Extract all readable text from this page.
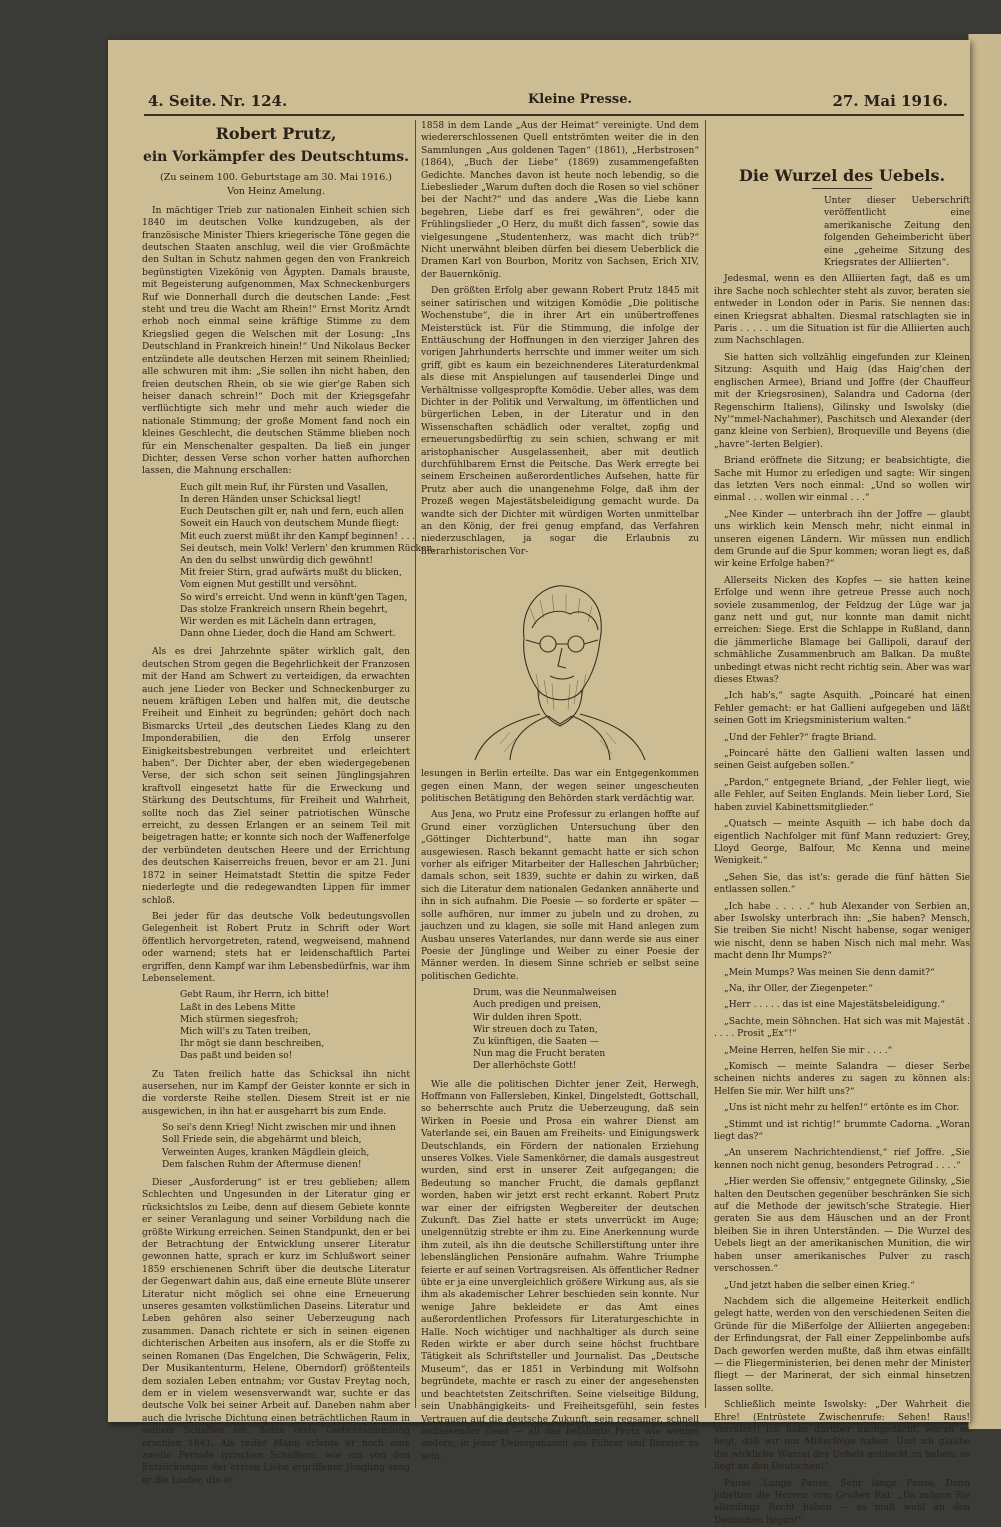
4. Seite. Nr. 124.	Kleine Presse.	27. Mai 1916.
Robert Prutz,
ein Vorkämpfer des Deutschtums.
(Zu seinem 100. Geburtstage am 30. Mai 1916.)
Von Heinz Amelung.

In mächtiger Trieb zur nationalen Einheit schien sich 1840 im deutschen Volke kundzugeben, als der französische Minister Thiers kriegerische Töne gegen die deutschen Staaten anschlug, weil die vier Großmächte den Sultan in Schutz nahmen gegen den von Frankreich begünstigten Vizekönig von Ägypten. Damals brauste, mit Begeisterung aufgenommen, Max Schneckenburgers Ruf wie Donnerhall durch die deutschen Lande: „Fest steht und treu die Wacht am Rhein!“ Ernst Moritz Arndt erhob noch einmal seine kräftige Stimme zu dem Kriegslied gegen die Welschen mit der Losung: „Ins Deutschland in Frankreich hinein!“ Und Nikolaus Becker entzündete alle deutschen Herzen mit seinem Rheinlied; alle schwuren mit ihm: „Sie sollen ihn nicht haben, den freien deutschen Rhein, ob sie wie gier'ge Raben sich heiser danach schrein!“ Doch mit der Kriegsgefahr verflüchtigte sich mehr und mehr auch wieder die nationale Stimmung; der große Moment fand noch ein kleines Geschlecht, die deutschen Stämme blieben noch für ein Menschenalter gespalten. Da ließ ein junger Dichter, dessen Verse schon vorher hatten aufhorchen lassen, die Mahnung erschallen:

Euch gilt mein Ruf, ihr Fürsten und Vasallen,
In deren Händen unser Schicksal liegt!
Euch Deutschen gilt er, nah und fern, euch allen
Soweit ein Hauch von deutschem Munde fliegt:
Mit euch zuerst müßt ihr den Kampf beginnen! . . .
Sei deutsch, mein Volk! Verlern' den krummen Rücken,
An den du selbst unwürdig dich gewöhnt!
Mit freier Stirn, grad aufwärts mußt du blicken,
Vom eignen Mut gestillt und versöhnt.
So wird's erreicht. Und wenn in künft'gen Tagen,
Das stolze Frankreich unsern Rhein begehrt,
Wir werden es mit Lächeln dann ertragen,
Dann ohne Lieder, doch die Hand am Schwert.

Als es drei Jahrzehnte später wirklich galt, den deutschen Strom gegen die Begehrlichkeit der Franzosen mit der Hand am Schwert zu verteidigen, da erwachten auch jene Lieder von Becker und Schneckenburger zu neuem kräftigen Leben und halfen mit, die deutsche Freiheit und Einheit zu begründen; gehört doch nach Bismarcks Urteil „des deutschen Liedes Klang zu den Imponderabilien, die den Erfolg unserer Einigkeitsbestrebungen verbreitet und erleichtert haben“. Der Dichter aber, der eben wiedergegebenen Verse, der sich schon seit seinen Jünglingsjahren kraftvoll eingesetzt hatte für die Erweckung und Stärkung des Deutschtums, für Freiheit und Wahrheit, sollte noch das Ziel seiner patriotischen Wünsche erreicht, zu dessen Erlangen er an seinem Teil mit beigetragen hatte; er konnte sich noch der Waffenerfolge der verbündeten deutschen Heere und der Errichtung des deutschen Kaiserreichs freuen, bevor er am 21. Juni 1872 in seiner Heimatstadt Stettin die spitze Feder niederlegte und die redegewandten Lippen für immer schloß.

Bei jeder für das deutsche Volk bedeutungsvollen Gelegenheit ist Robert Prutz in Schrift oder Wort öffentlich hervorgetreten, ratend, wegweisend, mahnend oder warnend; stets hat er leidenschaftlich Partei ergriffen, denn Kampf war ihm Lebensbedürfnis, war ihm Lebenselement.

Gebt Raum, ihr Herrn, ich bitte!
Laßt in des Lebens Mitte
Mich stürmen siegesfroh;
Mich will's zu Taten treiben,
Ihr mögt sie dann beschreiben,
Das paßt und beiden so!

Zu Taten freilich hatte das Schicksal ihn nicht ausersehen, nur im Kampf der Geister konnte er sich in die vorderste Reihe stellen. Diesem Streit ist er nie ausgewichen, in ihn hat er ausgeharrt bis zum Ende.

So sei's denn Krieg! Nicht zwischen mir und ihnen
Soll Friede sein, die abgehärmt und bleich,
Verweinten Auges, kranken Mägdlein gleich,
Dem falschen Ruhm der Aftermuse dienen!

Dieser „Ausforderung“ ist er treu geblieben; allem Schlechten und Ungesunden in der Literatur ging er rücksichtslos zu Leibe, denn auf diesem Gebiete konnte er seiner Veranlagung und seiner Vorbildung nach die größte Wirkung erreichen. Seinen Standpunkt, den er bei der Betrachtung der Entwicklung unserer Literatur gewonnen hatte, sprach er kurz im Schlußwort seiner 1859 erschienenen Schrift über die deutsche Literatur der Gegenwart dahin aus, daß eine erneute Blüte unserer Literatur nicht möglich sei ohne eine Erneuerung unseres gesamten volkstümlichen Daseins. Literatur und Leben gehören also seiner Ueberzeugung nach zusammen. Danach richtete er sich in seinen eigenen dichterischen Arbeiten aus insofern, als er die Stoffe zu seinen Romanen (Das Engelchen, Die Schwägerin, Felix, Der Musikantenturm, Helene, Oberndorf) größtenteils dem sozialen Leben entnahm; vor Gustav Freytag noch, dem er in vielem wesensverwandt war, suchte er das deutsche Volk bei seiner Arbeit auf. Daneben nahm aber auch die lyrische Dichtung einen beträchtlichen Raum in seinem Schaffen ein. Seine erste Gedichtsammlung erschien 1841. Als reifer Mann erlebte er noch eine zweite Periode lyrischen Schaffens; wie ein von den Entzückungen der ersten Liebe ergriffener Jüngling sang er die Lieder, die er

1858 in dem Lande „Aus der Heimat“ vereinigte. Und dem wiedererschlossenen Quell entströmten weiter die in den Sammlungen „Aus goldenen Tagen“ (1861), „Herbstrosen“ (1864), „Buch der Liebe“ (1869) zusammengefaßten Gedichte. Manches davon ist heute noch lebendig, so die Liebeslieder „Warum duften doch die Rosen so viel schöner bei der Nacht?“ und das andere „Was die Liebe kann begehren, Liebe darf es frei gewähren“, oder die Frühlingslieder „O Herz, du mußt dich fassen“, sowie das vielgesungene „Studentenherz, was macht dich trüb?“ Nicht unerwähnt bleiben dürfen bei diesem Ueberblick die Dramen Karl von Bourbon, Moritz von Sachsen, Erich XIV, der Bauernkönig.

Den größten Erfolg aber gewann Robert Prutz 1845 mit seiner satirischen und witzigen Komödie „Die politische Wochenstube“, die in ihrer Art ein unübertroffenes Meisterstück ist. Für die Stimmung, die infolge der Enttäuschung der Hoffnungen in den vierziger Jahren des vorigen Jahrhunderts herrschte und immer weiter um sich griff, gibt es kaum ein bezeichnenderes Literaturdenkmal als diese mit Anspielungen auf tausenderlei Dinge und Verhältnisse vollgespropfte Komödie. Ueber alles, was dem Dichter in der Politik und Verwaltung, im öffentlichen und bürgerlichen Leben, in der Literatur und in den Wissenschaften schädlich oder veraltet, zopfig und erneuerungsbedürftig zu sein schien, schwang er mit aristophanischer Ausgelassenheit, aber mit deutlich durchfühlbarem Ernst die Peitsche. Das Werk erregte bei seinem Erscheinen außerordentliches Aufsehen, hatte für Prutz aber auch die unangenehme Folge, daß ihm der Prozeß wegen Majestätsbeleidigung gemacht wurde. Da wandte sich der Dichter mit würdigen Worten unmittelbar an den König, der frei genug empfand, das Verfahren niederzuschlagen, ja sogar die Erlaubnis zu literarhistorischen Vor-

lesungen in Berlin erteilte. Das war ein Entgegenkommen gegen einen Mann, der wegen seiner ungescheuten politischen Betätigung den Behörden stark verdächtig war.

Aus Jena, wo Prutz eine Professur zu erlangen hoffte auf Grund einer vorzüglichen Untersuchung über den „Göttinger Dichterbund“, hatte man ihn sogar ausgewiesen. Rasch bekannt gemacht hatte er sich schon vorher als eifriger Mitarbeiter der Halleschen Jahrbücher; damals schon, seit 1839, suchte er dahin zu wirken, daß sich die Literatur dem nationalen Gedanken annäherte und ihn in sich aufnahm. Die Poesie — so forderte er später — solle aufhören, nur immer zu jubeln und zu drohen, zu jauchzen und zu klagen, sie solle mit Hand anlegen zum Ausbau unseres Vaterlandes, nur dann werde sie aus einer Poesie der Jünglinge und Weiber zu einer Poesie der Männer werden. In diesem Sinne schrieb er selbst seine politischen Gedichte.

Drum, was die Neunmalweisen
Auch predigen und preisen,
Wir dulden ihren Spott.
Wir streuen doch zu Taten,
Zu künftigen, die Saaten —
Nun mag die Frucht beraten
Der allerhöchste Gott!

Wie alle die politischen Dichter jener Zeit, Herwegh, Hoffmann von Fallersleben, Kinkel, Dingelstedt, Gottschall, so beherrschte auch Prutz die Ueberzeugung, daß sein Wirken in Poesie und Prosa ein wahrer Dienst am Vaterlande sei, ein Bauen am Freiheits- und Einigungswerk Deutschlands, ein Fördern der nationalen Erziehung unseres Volkes. Viele Samenkörner, die damals ausgestreut wurden, sind erst in unserer Zeit aufgegangen; die Bedeutung so mancher Frucht, die damals gepflanzt worden, haben wir jetzt erst recht erkannt. Robert Prutz war einer der eifrigsten Wegbereiter der deutschen Zukunft. Das Ziel hatte er stets unverrückt im Auge; unelgennützig strebte er ihm zu. Eine Anerkennung wurde ihm zuteil, als ihn die deutsche Schillerstiftung unter ihre lebenslänglichen Pensionäre aufnahm. Wahre Triumphe feierte er auf seinen Vortragsreisen. Als öffentlicher Redner übte er ja eine unvergleichlich größere Wirkung aus, als sie ihm als akademischer Lehrer beschieden sein konnte. Nur wenige Jahre bekleidete er das Amt eines außerordentlichen Professors für Literaturgeschichte in Halle. Noch wichtiger und nachhaltiger als durch seine Reden wirkte er aber durch seine höchst fruchtbare Tätigkeit als Schriftsteller und Journalist. Das „Deutsche Museum“, das er 1851 in Verbindung mit Wolfsohn begründete, machte er rasch zu einer der angesehensten und beachtetsten Zeitschriften. Seine vielseitige Bildung, sein Unabhängigkeits- und Freiheitsgefühl, sein festes Vertrauen auf die deutsche Zukunft, sein regsamer, schnell auffassender Geist — all das befähigte Prutz wie wenige andere, in jener Ueberganazeit ein Führer und Berater zu sein.

Die Wurzel des Uebels.

Unter dieser Ueberschrift veröffentlicht eine amerikanische Zeitung den folgenden Geheimbericht über eine „geheime Sitzung des Kriegsrates der Alliierten“.

Jedesmal, wenn es den Alliierten fagt, daß es um ihre Sache noch schlechter steht als zuvor, beraten sie entweder in London oder in Paris. Sie nennen das: einen Kriegsrat abhalten. Diesmal ratschlagten sie in Paris . . . . . um die Situation ist für die Alliierten auch zum Nachschlagen.

Sie hatten sich vollzählig eingefunden zur Kleinen Sitzung: Asquith und Haig (das Haig'chen der englischen Armee), Briand und Joffre (der Chauffeur mit der Kriegsrosinen), Salandra und Cadorna (der Regenschirm Italiens), Gilinsky und Iswolsky (die Ny'“mmel-Nachahmer), Paschitsch und Alexander (der ganz kleine von Serbien), Broqueville und Beyens (die „havre“-lerten Belgier).

Briand eröffnete die Sitzung; er beabsichtigte, die Sache mit Humor zu erledigen und sagte: Wir singen das letzten Vers noch einmal: „Und so wollen wir einmal . . . wollen wir einmal . . .“

„Nee Kinder — unterbrach ihn der Joffre — glaubt uns wirklich kein Mensch mehr, nicht einmal in unseren eigenen Ländern. Wir müssen nun endlich dem Grunde auf die Spur kommen; woran liegt es, daß wir keine Erfolge haben?“

Allerseits Nicken des Kopfes — sie hatten keine Erfolge und wenn ihre getreue Presse auch noch soviele zusammenlog, der Feldzug der Lüge war ja ganz nett und gut, nur konnte man damit nicht erreichen: Siege. Erst die Schlappe in Rußland, dann die jämmerliche Blamage bei Gallipoli, darauf der schmähliche Zusammenbruch am Balkan. Da mußte unbedingt etwas nicht recht richtig sein. Aber was war dieses Etwas?

„Ich hab's,“ sagte Asquith. „Poincaré hat einen Fehler gemacht: er hat Gallieni aufgegeben und läßt seinen Gott im Kriegsministerium walten.“

„Und der Fehler?“ fragte Briand.

„Poincaré hätte den Gallieni walten lassen und seinen Geist aufgeben sollen.“

„Pardon,“ entgegnete Briand, „der Fehler liegt, wie alle Fehler, auf Seiten Englands. Mein lieber Lord, Sie haben zuviel Kabinettsmitglieder.“

„Quatsch — meinte Asquith — ich habe doch da eigentlich Nachfolger mit fünf Mann reduziert: Grey, Lloyd George, Balfour, Mc Kenna und meine Wenigkeit.“

„Sehen Sie, das ist's: gerade die fünf hätten Sie entlassen sollen.“

„Ich habe . . . . .“ hub Alexander von Serbien an, aber Iswolsky unterbrach ihn: „Sie haben? Mensch, Sie treiben Sie nicht! Nischt habense, sogar weniger wie nischt, denn se haben Nisch nich mal mehr. Was macht denn Ihr Mumps?“

„Mein Mumps? Was meinen Sie denn damit?“

„Na, ihr Oller, der Ziegenpeter.“

„Herr . . . . . das ist eine Majestätsbeleidigung.“

„Sachte, mein Söhnchen. Hat sich was mit Majestät . . . . . Prosit „Ex“!“

„Meine Herren, helfen Sie mir . . . .“

„Komisch — meinte Salandra — dieser Serbe scheinen nichts anderes zu sagen zu können als: Helfen Sie mir. Wer hilft uns?“

„Uns ist nicht mehr zu helfen!“ ertönte es im Chor.

„Stimmt und ist richtig!“ brummte Cadorna. „Woran liegt das?“

„An unserem Nachrichtendienst,“ rief Joffre. „Sie kennen noch nicht genug, besonders Petrograd . . . .“

„Hier werden Sie offensiv,“ entgegnete Gilinsky, „Sie halten den Deutschen gegenüber beschränken Sie sich auf die Methode der jewitsch'sche Strategie. Hier geraten Sie aus dem Häuschen und an der Front bleiben Sie in ihren Unterständen. — Die Wurzel des Uebels liegt an der amerikanischen Munition, die wir haben unser amerikanisches Pulver zu rasch verschossen.“

„Und jetzt haben die selber einen Krieg.“

Nachdem sich die allgemeine Heiterkeit endlich gelegt hatte, werden von den verschiedenen Seiten die Gründe für die Mißerfolge der Alliierten angegeben: der Erfindungsrat, der Fall einer Zeppelinbombe aufs Dach geworfen werden mußte, daß ihm etwas einfällt — die Fliegerministerien, bei denen mehr der Minister fliegt — der Marinerat, der sich einmal hinsetzen lassen sollte.

Schließlich meinte Iswolsky: „Der Wahrheit die Ehre! (Entrüstete Zwischenrufe: Sehen! Raus! Verräter!) Ich habe darüber nachgedacht, woran es liegt, daß wir nur Mißerfolge haben. Und ich glaube die wirkliche Wurzel des Uebels entdeckt zu haben: es liegt an den Deutschen!“

Pause. Lange Pause. Sehr lange Pause. Dann jubelten die Herren vom Großen Rat: „Da mögen Sie allerdings Recht haben — es muß wohl an den Deutschen liegen!“
